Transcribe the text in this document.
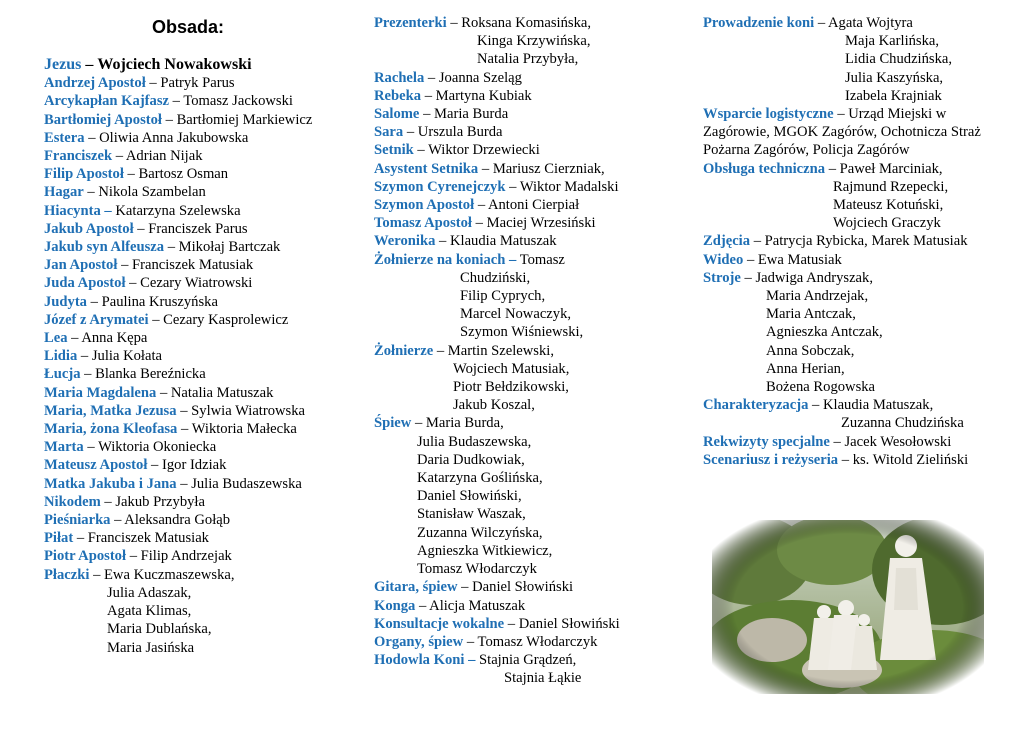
Obsada:
Jezus – Wojciech Nowakowski
Andrzej Apostoł – Patryk Parus
Arcykapłan Kajfasz – Tomasz Jackowski
Bartłomiej Apostoł – Bartłomiej Markiewicz
Estera – Oliwia Anna Jakubowska
Franciszek – Adrian Nijak
Filip Apostoł – Bartosz Osman
Hagar – Nikola Szambelan
Hiacynta – Katarzyna Szelewska
Jakub Apostoł – Franciszek Parus
Jakub syn Alfeusza – Mikołaj Bartczak
Jan Apostoł – Franciszek Matusiak
Juda Apostoł – Cezary Wiatrowski
Judyta – Paulina Kruszyńska
Józef z Arymatei – Cezary Kasprolewicz
Lea – Anna Kępa
Lidia – Julia Kołata
Łucja – Blanka Bereźnicka
Maria Magdalena – Natalia Matuszak
Maria, Matka Jezusa – Sylwia Wiatrowska
Maria, żona Kleofasa – Wiktoria Małecka
Marta – Wiktoria Okoniecka
Mateusz Apostoł – Igor Idziak
Matka Jakuba i Jana – Julia Budaszewska
Nikodem – Jakub Przybyła
Pieśniarka – Aleksandra Gołąb
Piłat – Franciszek Matusiak
Piotr Apostoł – Filip Andrzejak
Płaczki – Ewa Kuczmaszewska,
Julia Adaszak,
Agata Klimas,
Maria Dublańska,
Maria Jasińska
Prezenterki – Roksana Komasińska,
Kinga Krzywińska,
Natalia Przybyła,
Rachela – Joanna Szeląg
Rebeka – Martyna Kubiak
Salome – Maria Burda
Sara – Urszula Burda
Setnik – Wiktor Drzewiecki
Asystent Setnika – Mariusz Cierzniak,
Szymon Cyrenejczyk – Wiktor Madalski
Szymon Apostoł – Antoni Cierpiał
Tomasz Apostoł – Maciej Wrzesiński
Weronika – Klaudia Matuszak
Żołnierze na koniach – Tomasz
Chudziński,
Filip Cyprych,
Marcel Nowaczyk,
Szymon Wiśniewski,
Żołnierze – Martin Szelewski,
Wojciech Matusiak,
Piotr Bełdzikowski,
Jakub Koszal,
Śpiew – Maria Burda,
Julia Budaszewska,
Daria Dudkowiak,
Katarzyna Goślińska,
Daniel Słowiński,
Stanisław Waszak,
Zuzanna Wilczyńska,
Agnieszka Witkiewicz,
Tomasz Włodarczyk
Gitara, śpiew – Daniel Słowiński
Konga – Alicja Matuszak
Konsultacje wokalne – Daniel Słowiński
Organy, śpiew – Tomasz Włodarczyk
Hodowla Koni – Stajnia Grądzeń,
Stajnia Łąkie
Prowadzenie koni – Agata Wojtyra
Maja Karlińska,
Lidia Chudzińska,
Julia Kaszyńska,
Izabela Krajniak
Wsparcie logistyczne – Urząd Miejski w Zagórowie, MGOK Zagórów, Ochotnicza Straż Pożarna Zagórów, Policja Zagórów
Obsługa techniczna – Paweł Marciniak,
Rajmund Rzepecki,
Mateusz Kotuński,
Wojciech Graczyk
Zdjęcia – Patrycja Rybicka, Marek Matusiak
Wideo – Ewa Matusiak
Stroje – Jadwiga Andryszak,
Maria Andrzejak,
Maria Antczak,
Agnieszka Antczak,
Anna Sobczak,
Anna Herian,
Bożena Rogowska
Charakteryzacja – Klaudia Matuszak,
Zuzanna Chudzińska
Rekwizyty specjalne – Jacek Wesołowski
Scenariusz i reżyseria – ks. Witold Zieliński
